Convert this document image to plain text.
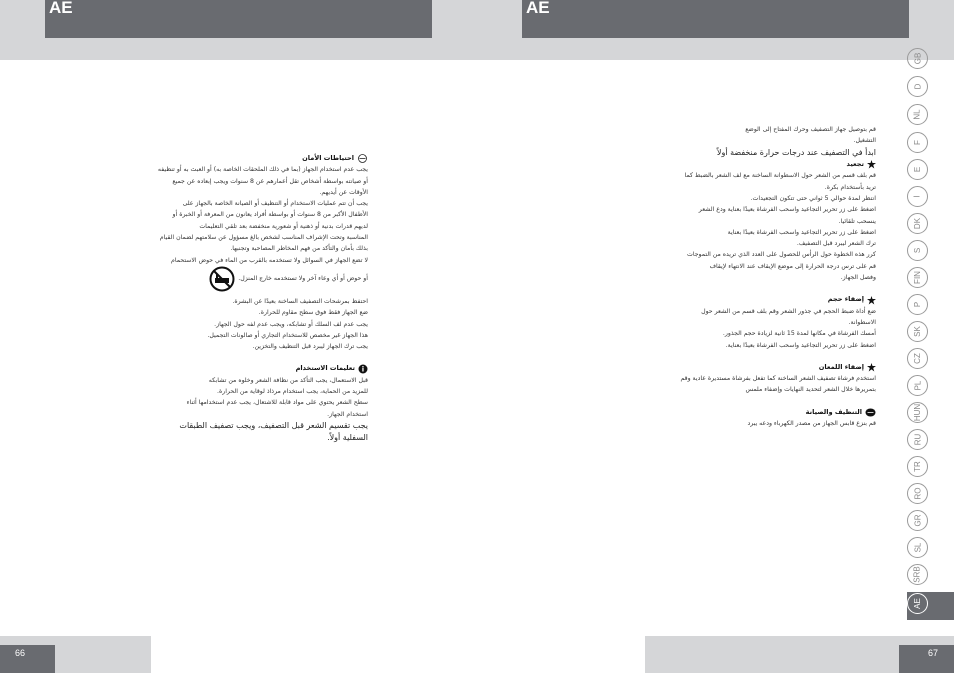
AE	AE
GB
D
NL
F
E
I
DK
S
FIN
P
SK
CZ
PL
HUN
RU
TR
RO
GR
SL
SRB
AE
احتياطات الأمان
يجب عدم استخدام الجهاز (بما في ذلك الملحقات الخاصة به) أو العبث به أو تنظيفه
أو صيانته بواسطة أشخاص تقل أعمارهم عن 8 سنوات ويجب إبعاده عن جميع
الأوقات عن أيديهم.
يجب أن تتم عمليات الاستخدام أو التنظيف أو الصيانة الخاصة بالجهاز على
الأطفال الأكبر من 8 سنوات أو بواسطة أفراد يعانون من المعرفة أو الخبرة أو
لديهم قدرات بدنية أو ذهنية أو شعورية منخفضة بعد تلقي التعليمات
المناسبة وتحت الإشراف المناسب لشخص بالغ مسؤول عن سلامتهم لضمان القيام
بذلك بأمان والتأكد من فهم المخاطر المصاحبة وتجنبها.
لا تضع الجهاز في السوائل ولا تستخدمه بالقرب من الماء في حوض الاستحمام
أو حوض أو أي وعاء آخر ولا تستخدمه خارج المنزل.
احتفظ بمرشحات التصفيف الساخنة بعيدًا عن البشرة.
ضع الجهاز فقط فوق سطح مقاوم للحرارة.
يجب عدم لف السلك أو تشابكه، ويجب عدم لفه حول الجهاز.
هذا الجهاز غير مخصص للاستخدام التجاري أو صالونات التجميل.
يجب ترك الجهاز ليبرد قبل التنظيف والتخزين.
i
تعليمات الاستخدام
قبل الاستعمال، يجب التأكد من نظافة الشعر وخلوه من تشابكه
للمزيد من الحماية، يجب استخدام مرذاذ لوقاية من الحرارة.
سطح الشعر يحتوي على مواد قابلة للاشتعال، يجب عدم استخدامها أثناء
استخدام الجهاز.
يجب تقسيم الشعر قبل التصفيف، ويجب تصفيف الطبقات
السفلية أولاً.
قم بتوصيل جهاز التصفيف وحرك المفتاح إلى الوضع
التشغيل.
ابدأ في التصفيف عند درجات حرارة منخفضة أولاً
تجعيد
قم بلف قسم من الشعر حول الاسطوانة الساخنة مع لف الشعر بالضبط كما
تريد بأستخدام بكرة.
انتظر لمدة حوالي 5 ثواني حتى تتكون التجعيدات.
اضغط على زر تحرير التجاعيد واسحب الفرشاة بعيدًا بعناية ودع الشعر
ينسحب تلقائيا.
اضغط على زر تحرير التجاعيد واسحب الفرشاة بعيدًا بعناية
ترك الشعر ليبرد قبل التصفيف.
كرر هذه الخطوة حول الرأس للحصول على العدد الذي تريده من التموجات
قم على ترس درجة الحرارة إلى موضع الإيقاف عند الانتهاء لإيقاف
وفصل الجهاز.
إضفاء حجم
ضع أداة ضبط الحجم في جذور الشعر وقم بلف قسم من الشعر حول
الاسطوانة.
أمسك الفرشاة في مكانها لمدة 15 ثانية لزيادة حجم الجذور.
اضغط على زر تحرير التجاعيد واسحب الفرشاة بعيدًا بعناية.
إضفاء اللمعان
استخدم فرشاة تصفيف الشعر الساخنة كما تفعل بفرشاة مستديرة عادية وقم
بتمريرها خلال الشعر لتحديد النهايات وإضفاء ملمس
التنظيف والصيانة
قم بنزع قابس الجهاز من مصدر الكهرباء ودعه يبرد
66	67
